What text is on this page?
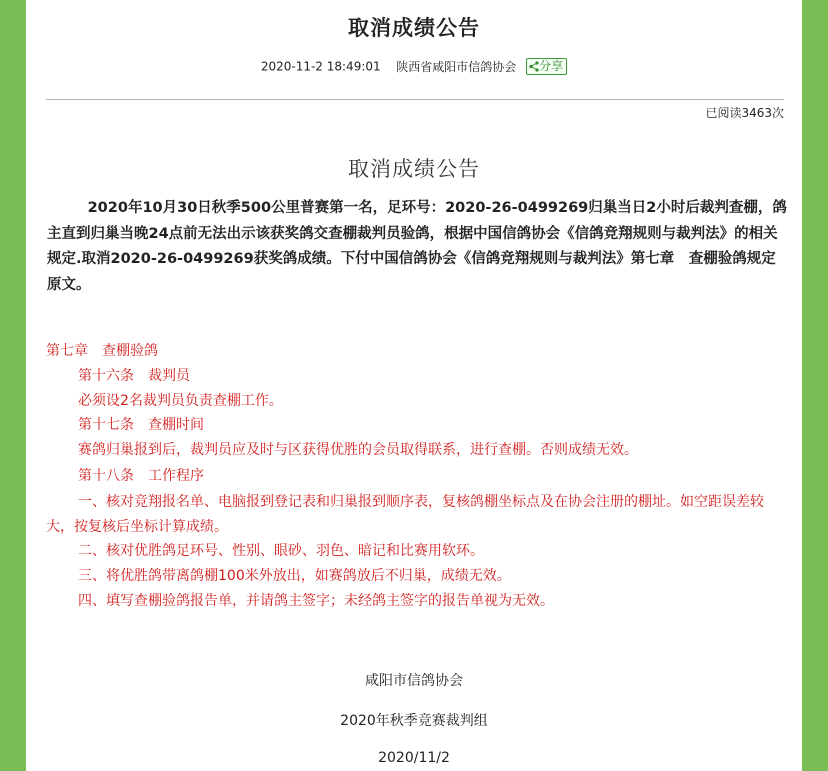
取消成绩公告
2020-11-2 18:49:01 陕西省咸阳市信鸽协会 分享
已阅读3463次
取消成绩公告

2020年10月30日秋季500公里普赛第一名，足环号：2020-26-0499269归巢当日2小时后裁判查棚，鸽主直到归巢当晚24点前无法出示该获奖鸽交查棚裁判员验鸽，根据中国信鸽协会《信鸽竞翔规则与裁判法》的相关规定.取消2020-26-0499269获奖鸽成绩。下付中国信鸽协会《信鸽竞翔规则与裁判法》第七章　查棚验鸽规定原文。

第七章　查棚验鸽

第十六条　裁判员

必须设2名裁判员负责查棚工作。

第十七条　查棚时间

赛鸽归巢报到后，裁判员应及时与区获得优胜的会员取得联系，进行查棚。否则成绩无效。

第十八条　工作程序

一、核对竞翔报名单、电脑报到登记表和归巢报到顺序表，复核鸽棚坐标点及在协会注册的棚址。如空距误差较大，按复核后坐标计算成绩。

二、核对优胜鸽足环号、性别、眼砂、羽色、暗记和比赛用软环。

三、将优胜鸽带离鸽棚100米外放出，如赛鸽放后不归巢，成绩无效。

四、填写查棚验鸽报告单，并请鸽主签字；未经鸽主签字的报告单视为无效。

咸阳市信鸽协会
2020年秋季竞赛裁判组
2020/11/2
